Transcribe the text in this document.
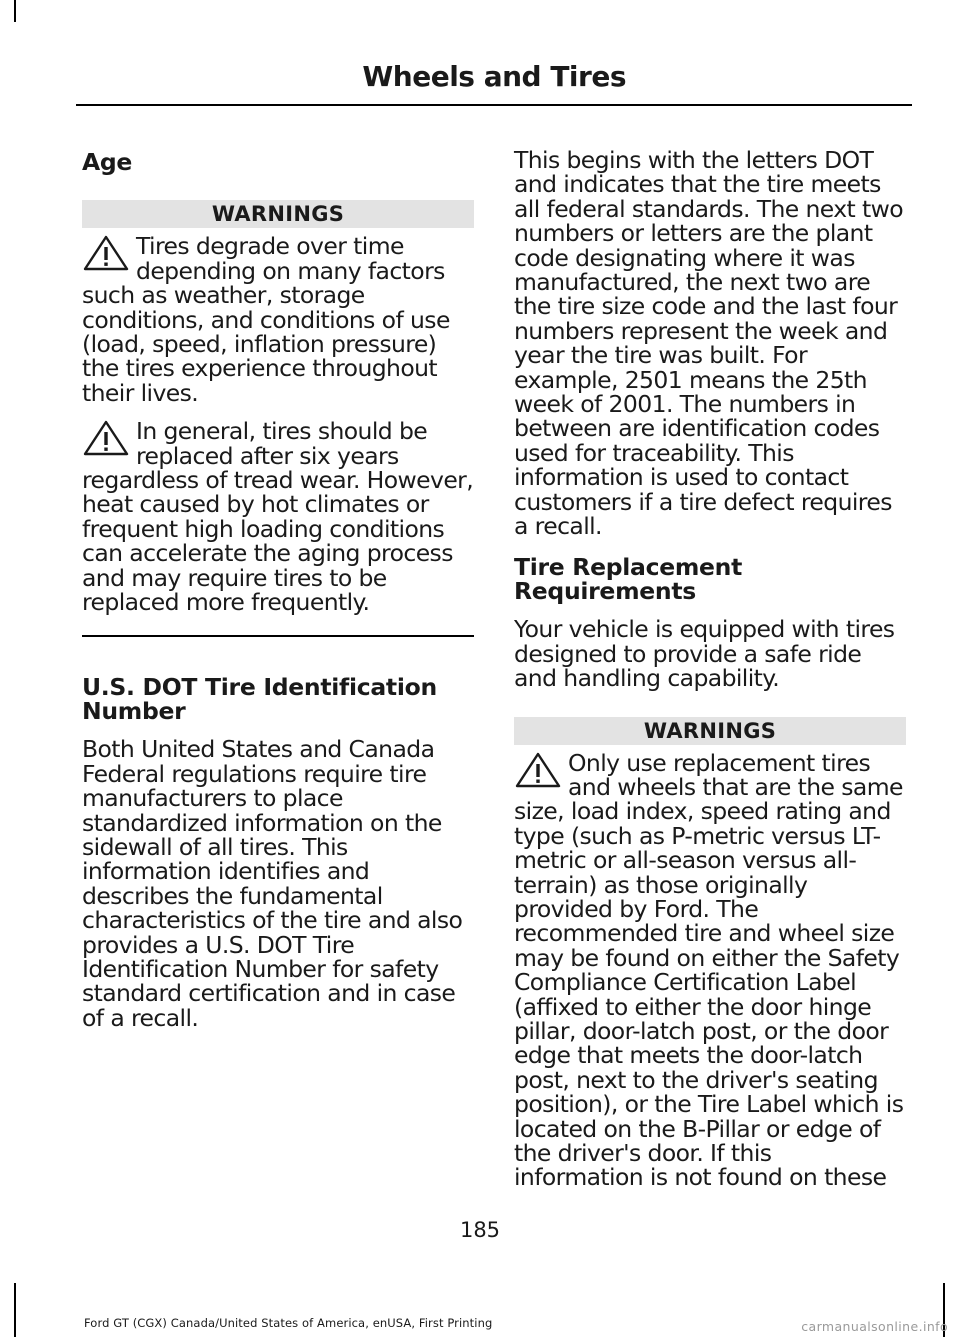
Wheels and Tires

Age

WARNINGS

Tires degrade over time depending on many factors such as weather, storage conditions, and conditions of use (load, speed, inflation pressure) the tires experience throughout their lives.

In general, tires should be replaced after six years regardless of tread wear. However, heat caused by hot climates or frequent high loading conditions can accelerate the aging process and may require tires to be replaced more frequently.

U.S. DOT Tire Identification
Number

Both United States and Canada Federal regulations require tire manufacturers to place standardized information on the sidewall of all tires. This information identifies and describes the fundamental characteristics of the tire and also provides a U.S. DOT Tire Identification Number for safety standard certification and in case of a recall.

This begins with the letters DOT and indicates that the tire meets all federal standards. The next two numbers or letters are the plant code designating where it was manufactured, the next two are the tire size code and the last four numbers represent the week and year the tire was built. For example, 2501 means the 25th week of 2001. The numbers in between are identification codes used for traceability. This information is used to contact customers if a tire defect requires a recall.

Tire Replacement
Requirements

Your vehicle is equipped with tires designed to provide a safe ride and handling capability.

WARNINGS

Only use replacement tires and wheels that are the same size, load index, speed rating and type (such as P-metric versus LT-metric or all-season versus all-terrain) as those originally provided by Ford. The recommended tire and wheel size may be found on either the Safety Compliance Certification Label (affixed to either the door hinge pillar, door-latch post, or the door edge that meets the door-latch post, next to the driver's seating position), or the Tire Label which is located on the B-Pillar or edge of the driver's door. If this information is not found on these

185
Ford GT (CGX) Canada/United States of America, enUSA, First Printing	carmanualsonline.info
